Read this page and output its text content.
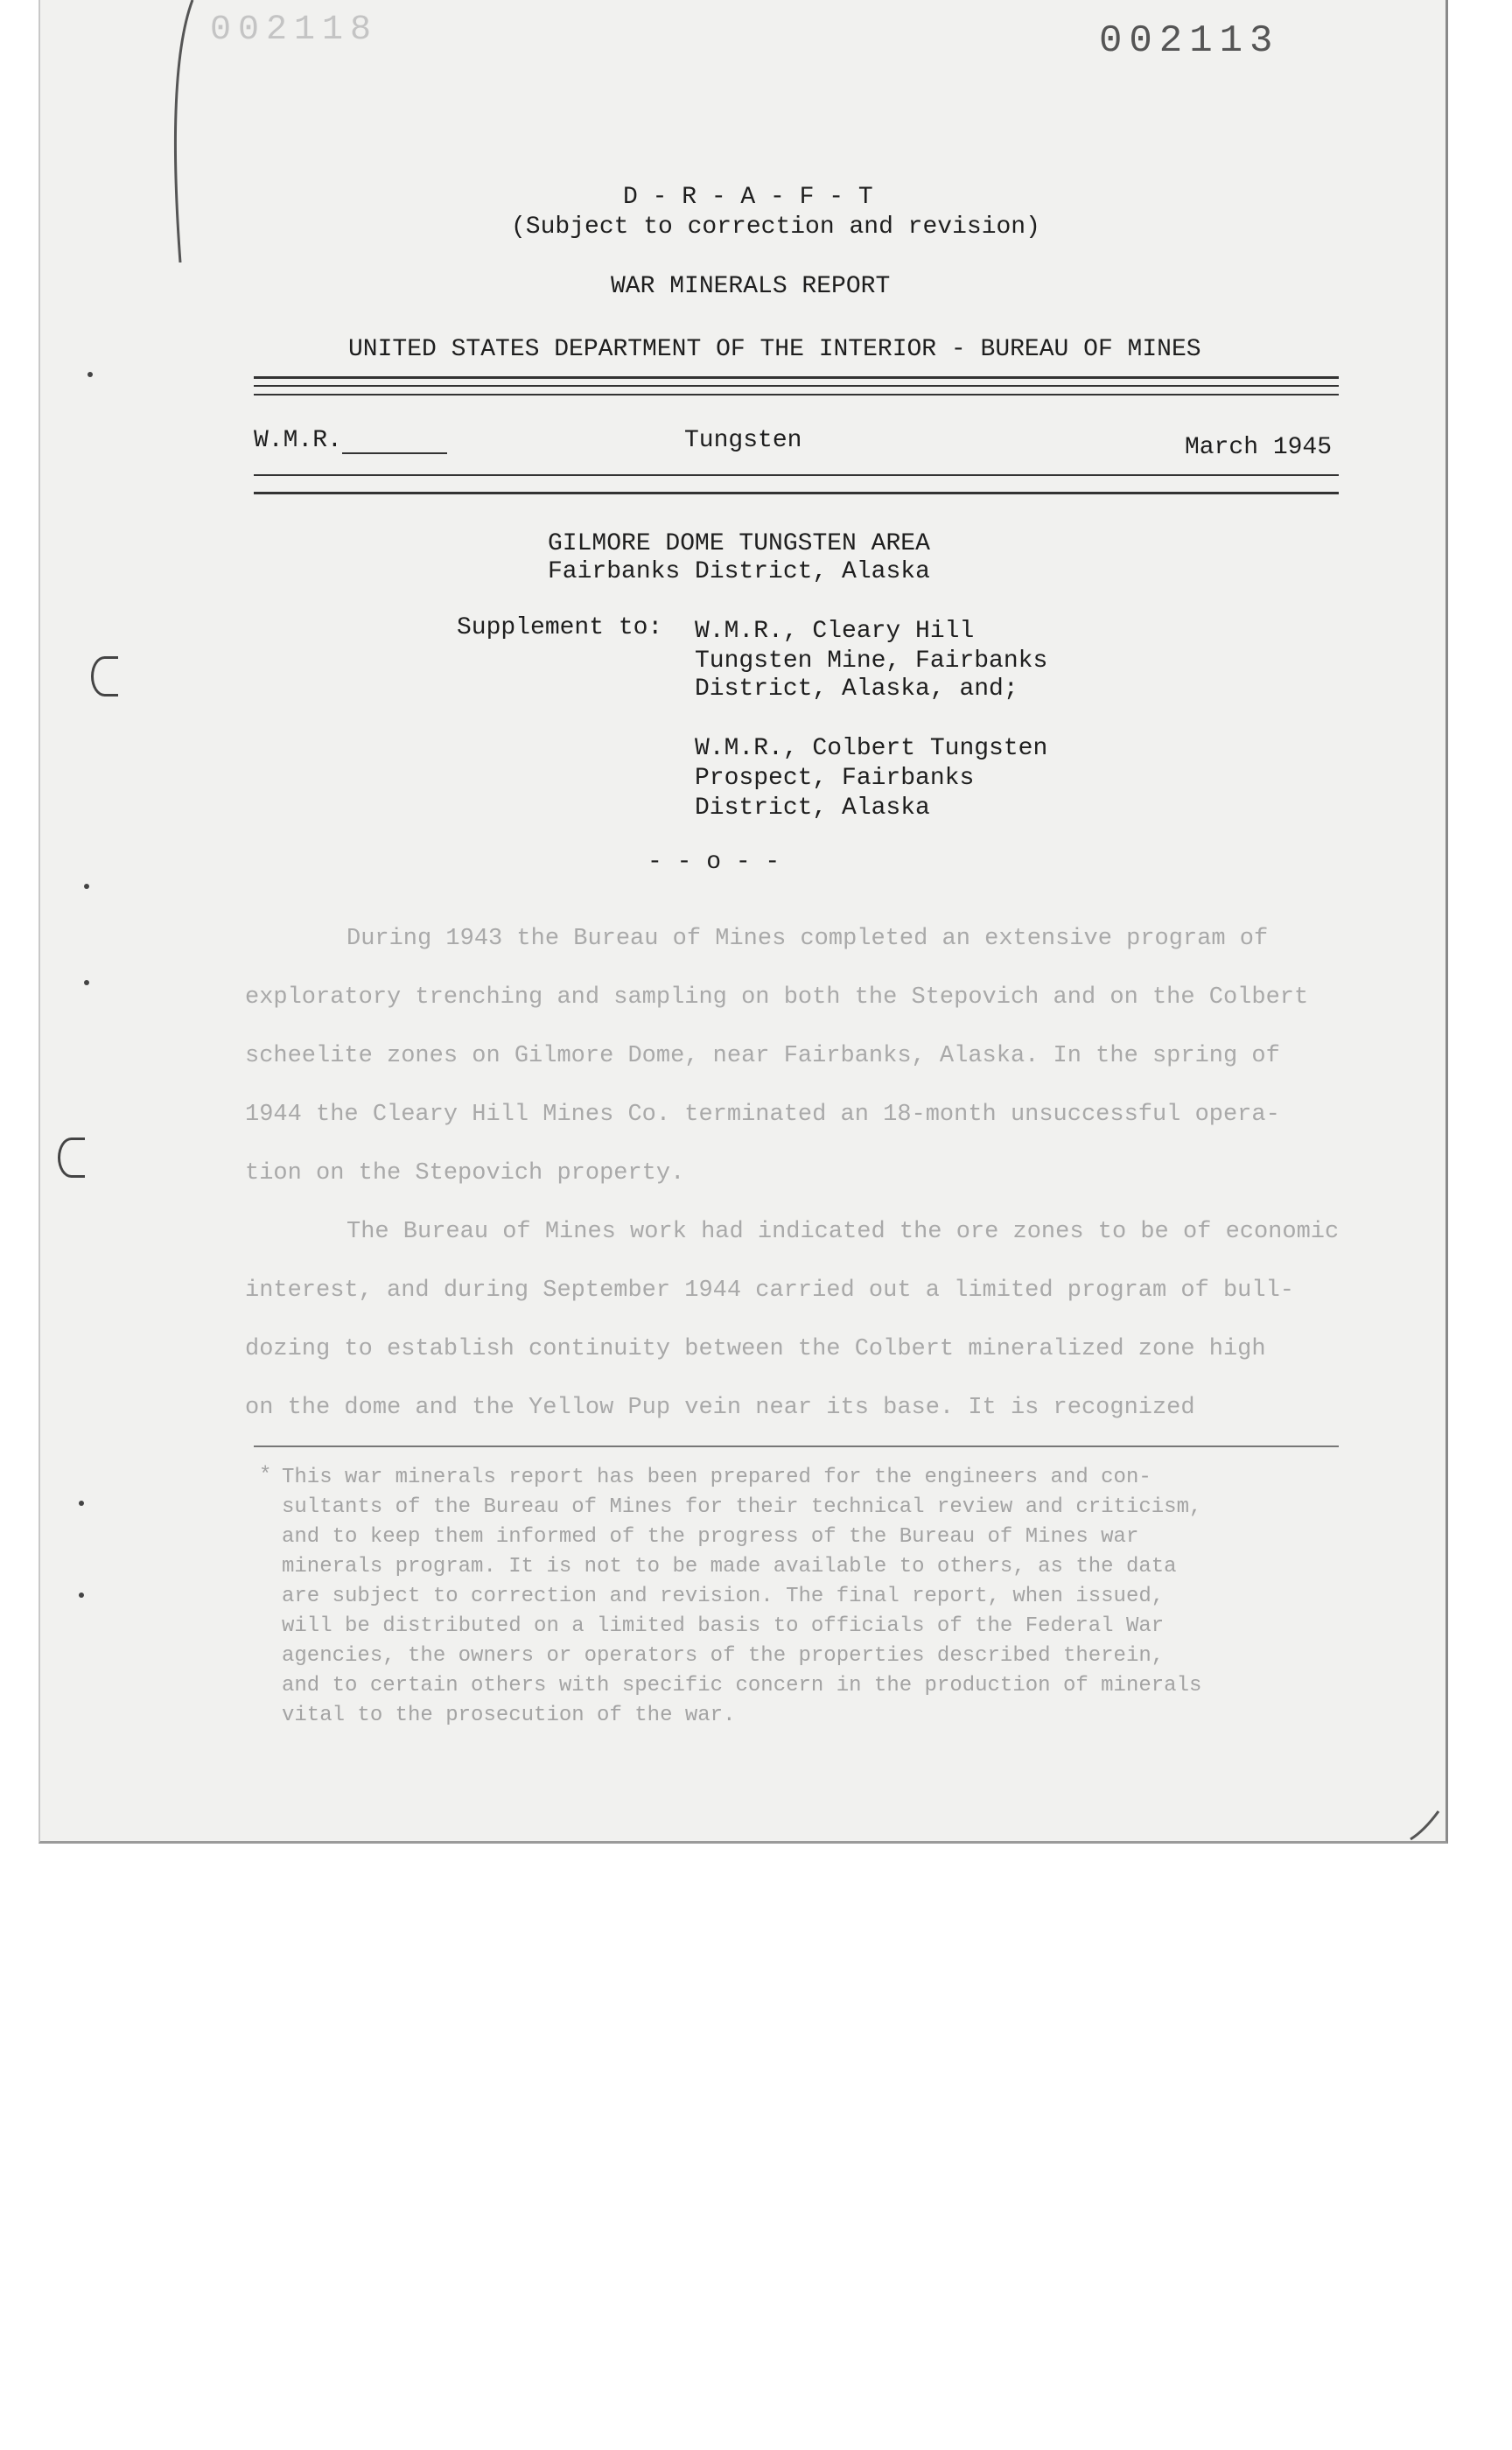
002118	002113
D - R - A - F - T
(Subject to correction and revision)
WAR MINERALS REPORT
UNITED STATES DEPARTMENT OF THE INTERIOR - BUREAU OF MINES
W.M.R.	Tungsten	March 1945
GILMORE DOME TUNGSTEN AREA
Fairbanks District, Alaska
Supplement to: W.M.R., Cleary Hill
Tungsten Mine, Fairbanks
District, Alaska, and;
W.M.R., Colbert Tungsten
Prospect, Fairbanks
District, Alaska
- - o - -
During 1943 the Bureau of Mines completed an extensive program of
exploratory trenching and sampling on both the Stepovich and on the Colbert
scheelite zones on Gilmore Dome, near Fairbanks, Alaska. In the spring of
1944 the Cleary Hill Mines Co. terminated an 18-month unsuccessful opera-
tion on the Stepovich property.
The Bureau of Mines work had indicated the ore zones to be of economic
interest, and during September 1944 carried out a limited program of bull-
dozing to establish continuity between the Colbert mineralized zone high
on the dome and the Yellow Pup vein near its base. It is recognized
* This war minerals report has been prepared for the engineers and con-
sultants of the Bureau of Mines for their technical review and criticism,
and to keep them informed of the progress of the Bureau of Mines war
minerals program. It is not to be made available to others, as the data
are subject to correction and revision. The final report, when issued,
will be distributed on a limited basis to officials of the Federal War
agencies, the owners or operators of the properties described therein,
and to certain others with specific concern in the production of minerals
vital to the prosecution of the war.
